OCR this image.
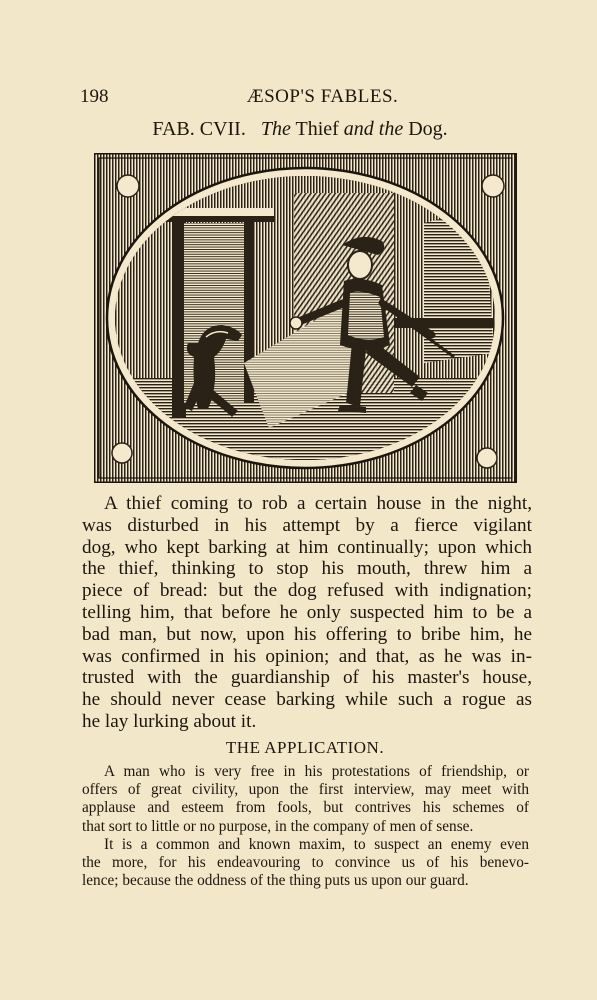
198	ÆSOP'S FABLES.
FAB. CVII. The Thief and the Dog.
A thief coming to rob a certain house in the night,
was disturbed in his attempt by a fierce vigilant
dog, who kept barking at him continually; upon which
the thief, thinking to stop his mouth, threw him a
piece of bread: but the dog refused with indignation;
telling him, that before he only suspected him to be a
bad man, but now, upon his offering to bribe him, he
was confirmed in his opinion; and that, as he was in-
trusted with the guardianship of his master's house,
he should never cease barking while such a rogue as
he lay lurking about it.
THE APPLICATION.
A man who is very free in his protestations of friendship, or
offers of great civility, upon the first interview, may meet with
applause and esteem from fools, but contrives his schemes of
that sort to little or no purpose, in the company of men of sense.
It is a common and known maxim, to suspect an enemy even
the more, for his endeavouring to convince us of his benevo-
lence; because the oddness of the thing puts us upon our guard.
